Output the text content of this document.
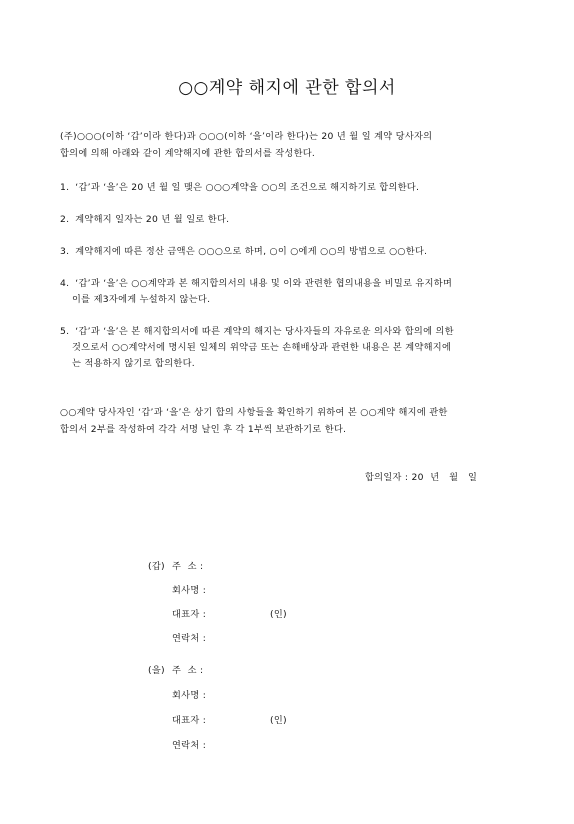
○○계약 해지에 관한 합의서
(주)○○○(이하 ‘갑’이라 한다)과 ○○○(이하 ‘을’이라 한다)는 20 년 월 일 계약 당사자의
합의에 의해 아래와 같이 계약해지에 관한 합의서를 작성한다.
1. ‘갑’과 ‘을’은 20 년 월 일 맺은 ○○○계약을 ○○의 조건으로 해지하기로 합의한다.
2. 계약해지 일자는 20 년 월 일로 한다.
3. 계약해지에 따른 정산 금액은 ○○○으로 하며, ○이 ○에게 ○○의 방법으로 ○○한다.
4. ‘갑’과 ‘을’은 ○○계약과 본 해지합의서의 내용 및 이와 관련한 협의내용을 비밀로 유지하며
이를 제3자에게 누설하지 않는다.
5. ‘갑’과 ‘을’은 본 해지합의서에 따른 계약의 해지는 당사자들의 자유로운 의사와 합의에 의한
것으로서 ○○계약서에 명시된 일체의 위약금 또는 손해배상과 관련한 내용은 본 계약해지에
는 적용하지 않기로 합의한다.
○○계약 당사자인 ‘갑’과 ‘을’은 상기 합의 사항들을 확인하기 위하여 본 ○○계약 해지에 관한
합의서 2부를 작성하여 각각 서명 날인 후 각 1부씩 보관하기로 한다.
합의일자 : 20  년   월   일
(갑) 주  소 :
회사명 :
대표자 :	(인)
연락처 :
(을) 주  소 :
회사명 :
대표자 :	(인)
연락처 :
